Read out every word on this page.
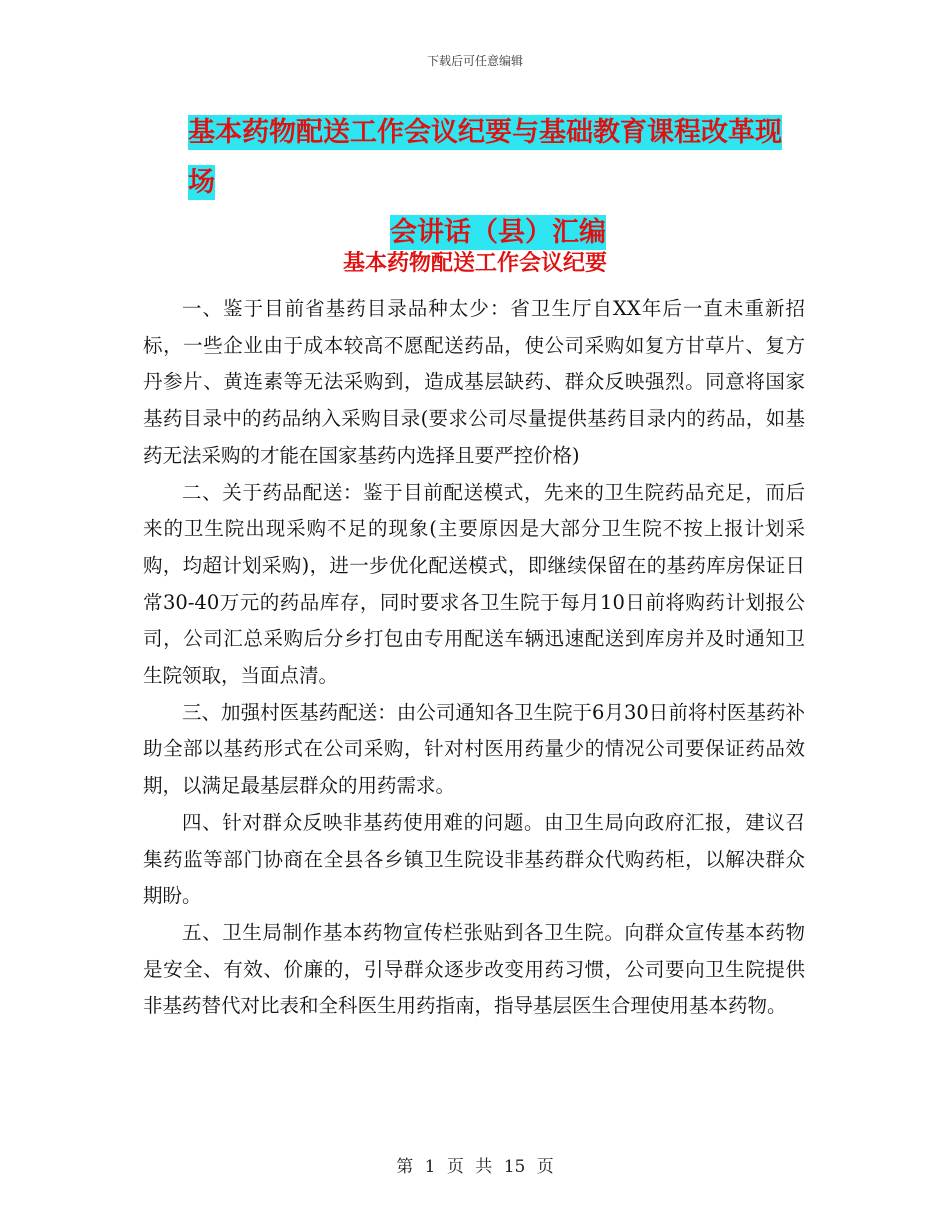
下载后可任意编辑
基本药物配送工作会议纪要与基础教育课程改革现场
会讲话（县）汇编
基本药物配送工作会议纪要

一、鉴于目前省基药目录品种太少：省卫生厅自XX年后一直未重新招标，一些企业由于成本较高不愿配送药品，使公司采购如复方甘草片、复方丹参片、黄连素等无法采购到，造成基层缺药、群众反映强烈。同意将国家基药目录中的药品纳入采购目录(要求公司尽量提供基药目录内的药品，如基药无法采购的才能在国家基药内选择且要严控价格)

二、关于药品配送：鉴于目前配送模式，先来的卫生院药品充足，而后来的卫生院出现采购不足的现象(主要原因是大部分卫生院不按上报计划采购，均超计划采购)，进一步优化配送模式，即继续保留在的基药库房保证日常30-40万元的药品库存，同时要求各卫生院于每月10日前将购药计划报公司，公司汇总采购后分乡打包由专用配送车辆迅速配送到库房并及时通知卫生院领取，当面点清。

三、加强村医基药配送：由公司通知各卫生院于6月30日前将村医基药补助全部以基药形式在公司采购，针对村医用药量少的情况公司要保证药品效期，以满足最基层群众的用药需求。

四、针对群众反映非基药使用难的问题。由卫生局向政府汇报，建议召集药监等部门协商在全县各乡镇卫生院设非基药群众代购药柜，以解决群众期盼。

五、卫生局制作基本药物宣传栏张贴到各卫生院。向群众宣传基本药物是安全、有效、价廉的，引导群众逐步改变用药习惯，公司要向卫生院提供非基药替代对比表和全科医生用药指南，指导基层医生合理使用基本药物。

第 1 页 共 15 页
